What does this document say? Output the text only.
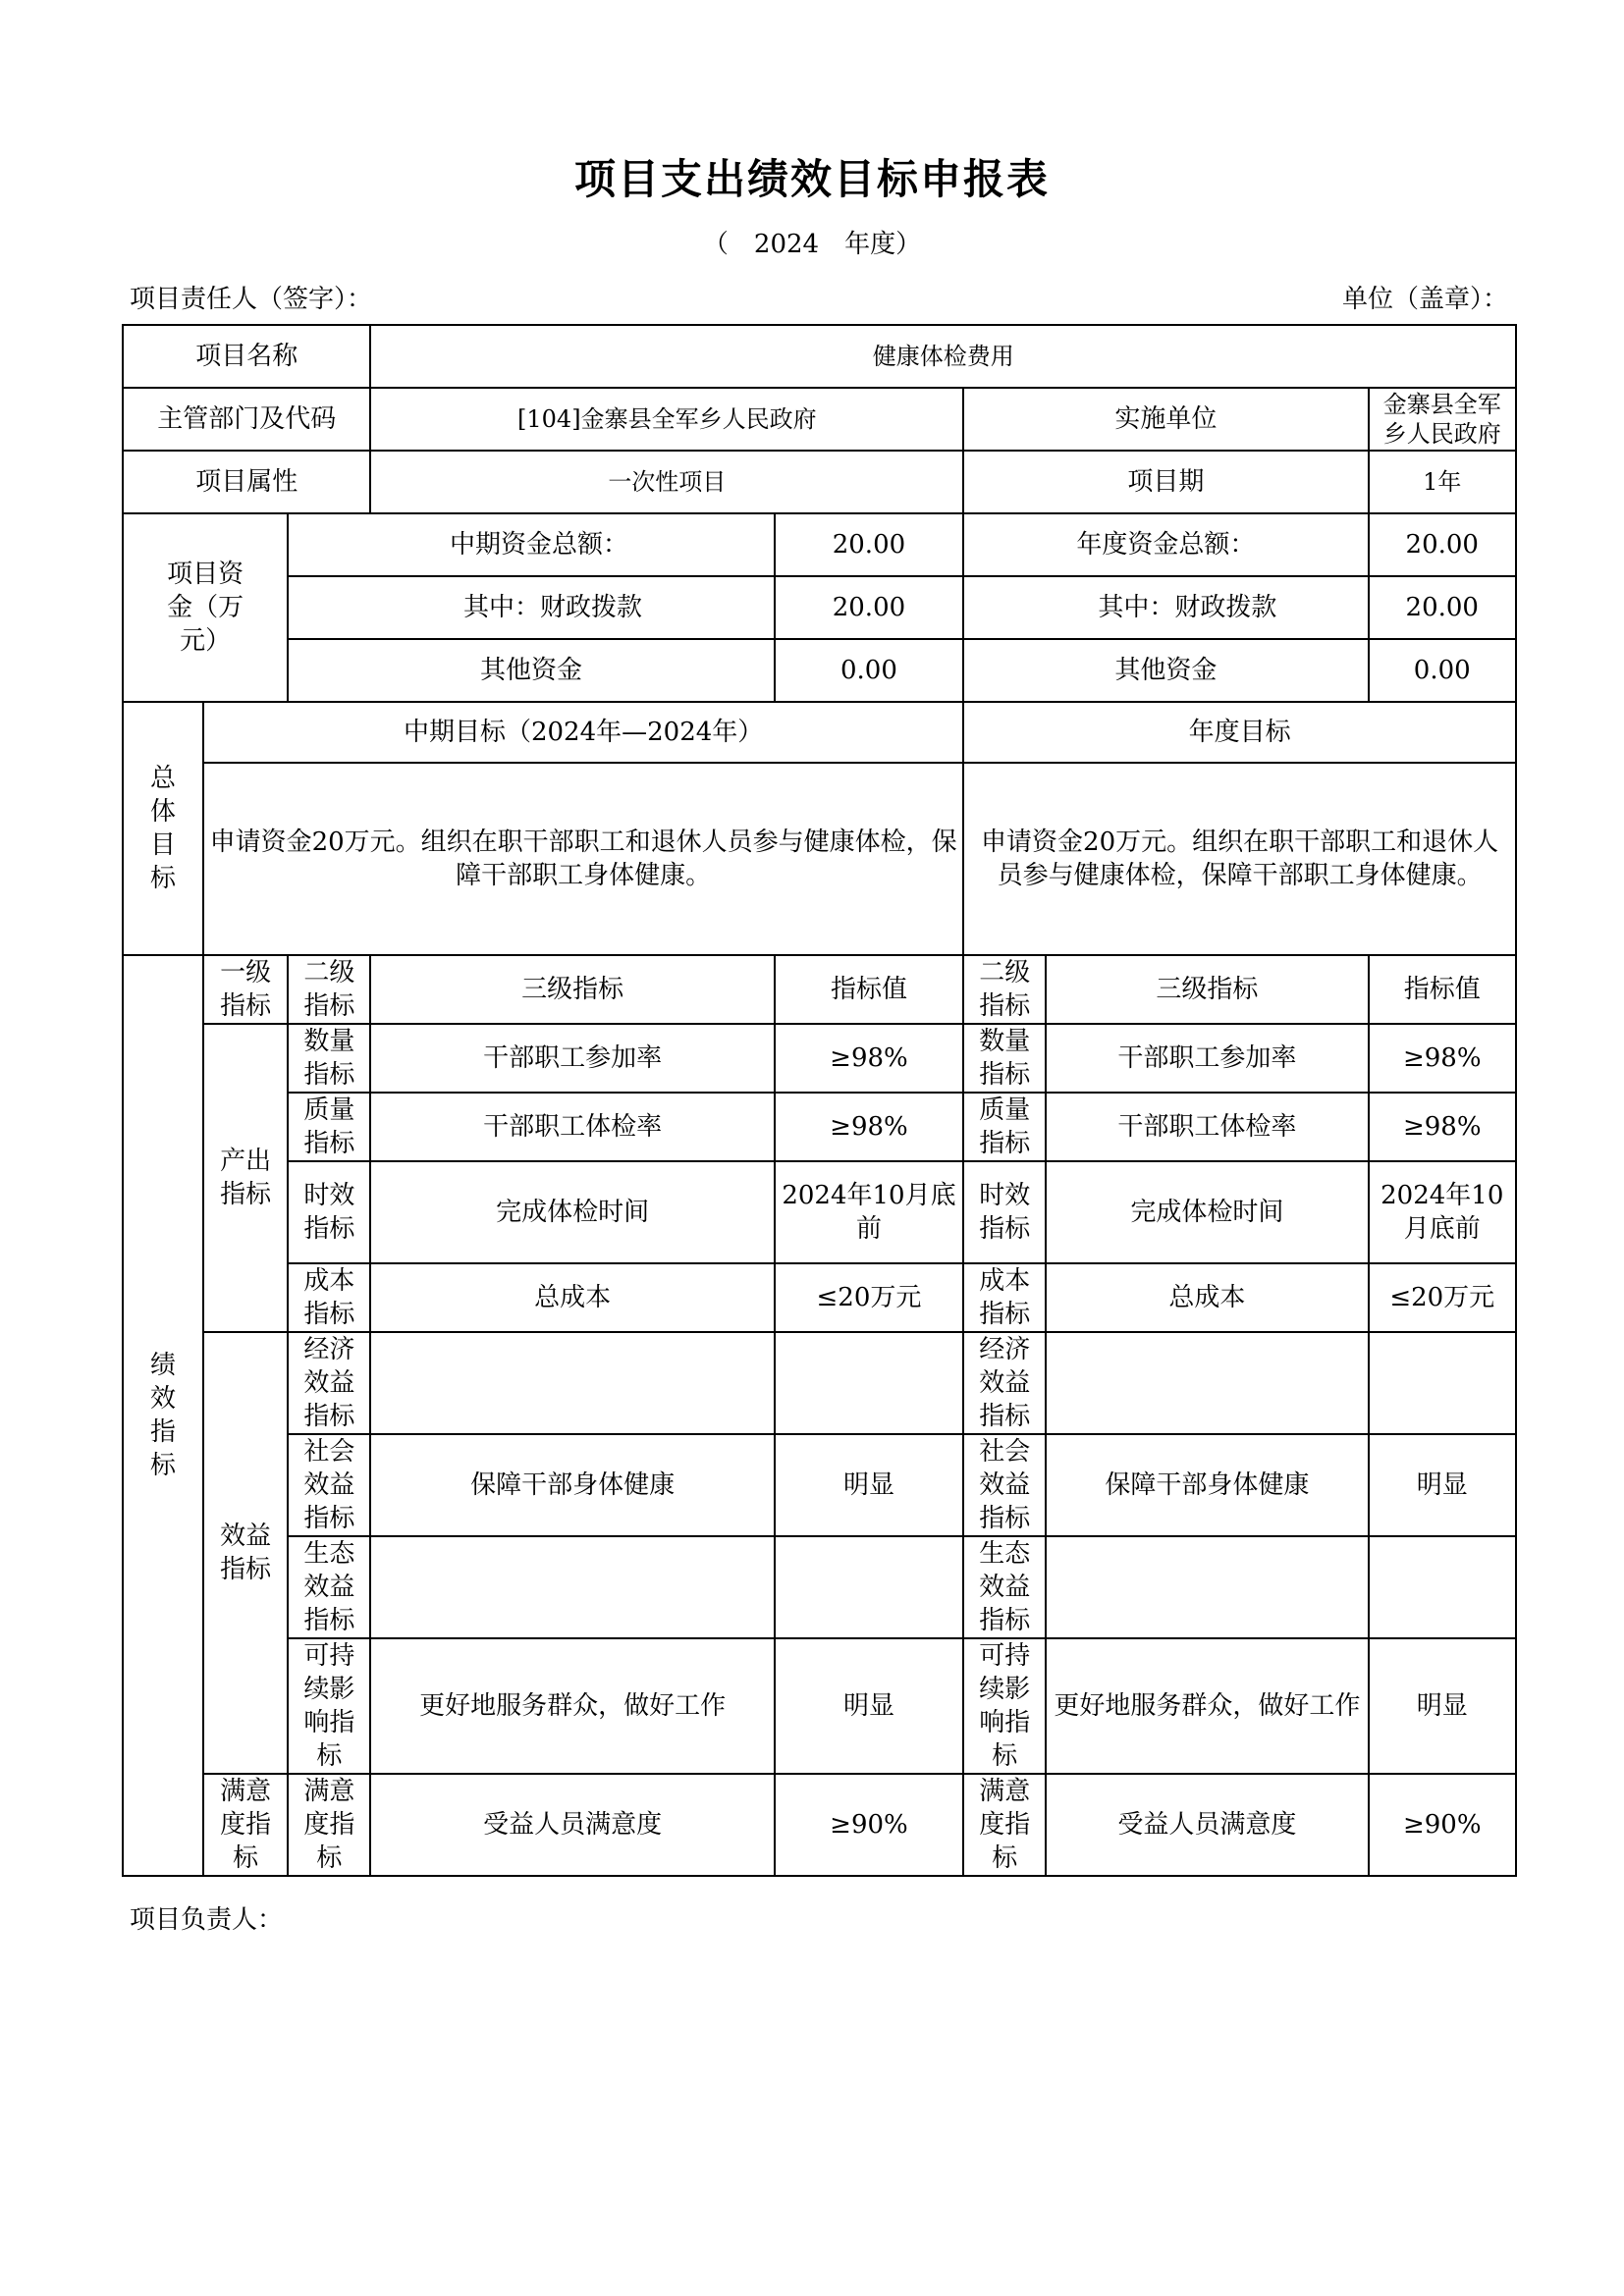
项目支出绩效目标申报表
（　2024　年度）
项目责任人（签字）：	单位（盖章）：
项目名称			健康体检费用				
主管部门及代码			[104]金寨县全军乡人民政府		实施单位		金寨县全军乡人民政府
项目属性			一次性项目		项目期		1年
项目资金（万元）		中期资金总额：		20.00	年度资金总额：		20.00
		其中：财政拨款		20.00	其中：财政拨款		20.00
		其他资金		0.00	其他资金		0.00
总体目标	中期目标（2024年—2024年）				年度目标		
	申请资金20万元。组织在职干部职工和退休人员参与健康体检，保障干部职工身体健康。				申请资金20万元。组织在职干部职工和退休人员参与健康体检，保障干部职工身体健康。		
绩效指标	一级指标	二级指标	三级指标	指标值	二级指标	三级指标	指标值
	产出指标	数量指标	干部职工参加率	≥98%	数量指标	干部职工参加率	≥98%
		质量指标	干部职工体检率	≥98%	质量指标	干部职工体检率	≥98%
		时效指标	完成体检时间	2024年10月底前	时效指标	完成体检时间	2024年10月底前
		成本指标	总成本	≤20万元	成本指标	总成本	≤20万元
	效益指标	经济效益指标			经济效益指标		
		社会效益指标	保障干部身体健康	明显	社会效益指标	保障干部身体健康	明显
		生态效益指标			生态效益指标		
		可持续影响指标	更好地服务群众，做好工作	明显	可持续影响指标	更好地服务群众，做好工作	明显
	满意度指标	满意度指标	受益人员满意度	≥90%	满意度指标	受益人员满意度	≥90%
项目负责人：
